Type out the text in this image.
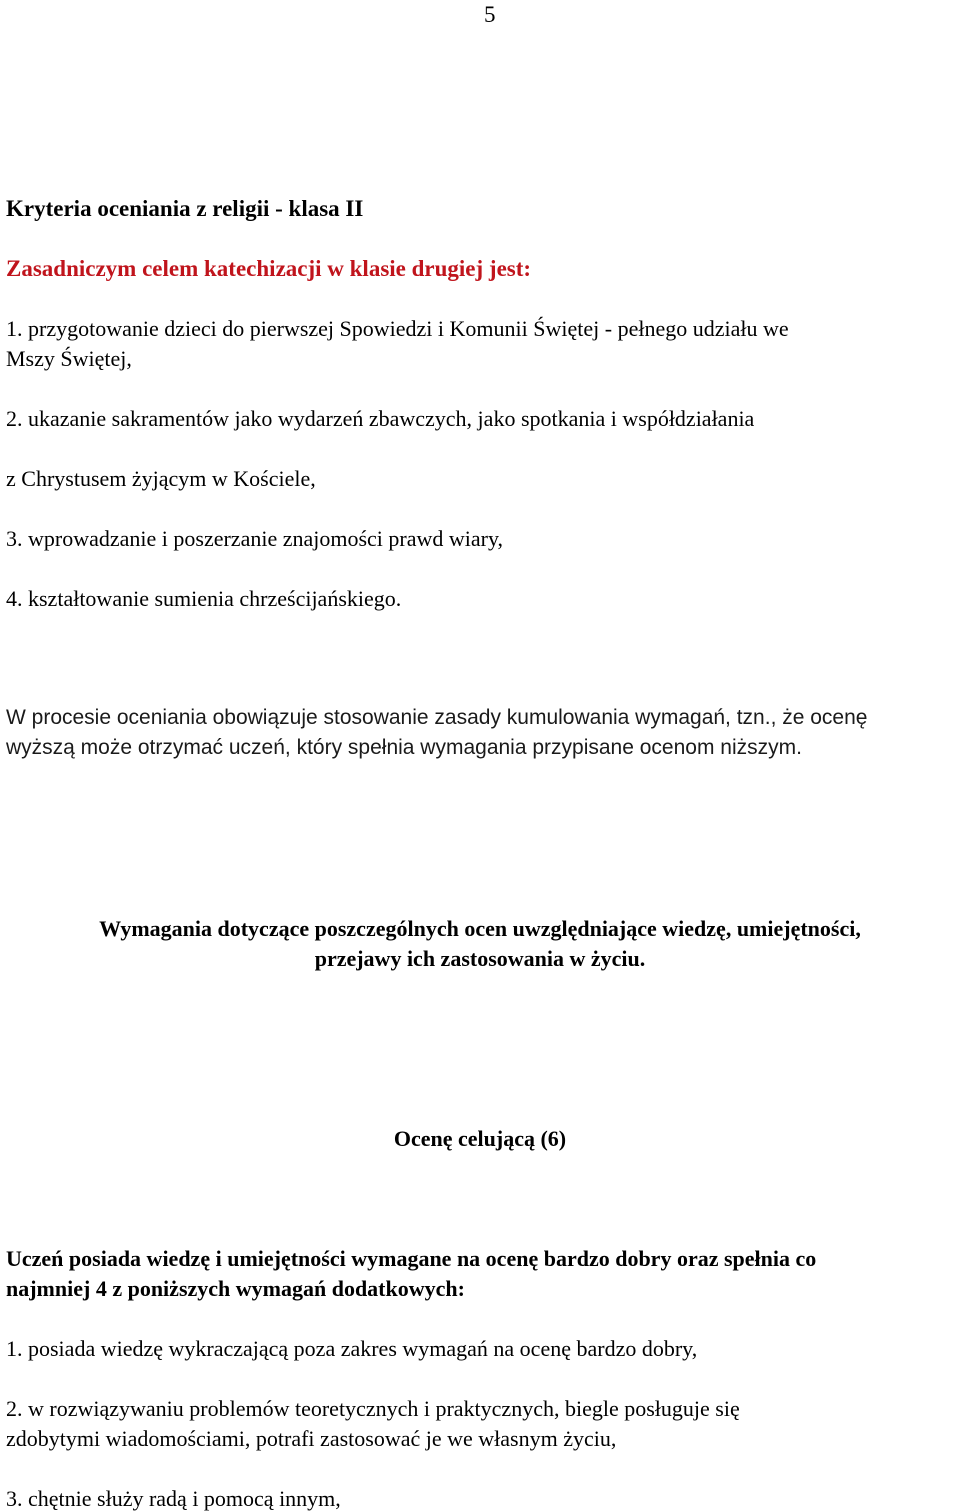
5
Kryteria oceniania z religii - klasa II
Zasadniczym celem katechizacji w klasie drugiej jest:
1. przygotowanie dzieci do pierwszej Spowiedzi i Komunii Świętej - pełnego udziału we
Mszy Świętej,
2. ukazanie sakramentów jako wydarzeń zbawczych, jako spotkania i współdziałania
z Chrystusem żyjącym w Kościele,
3. wprowadzanie i poszerzanie znajomości prawd wiary,
4. kształtowanie sumienia chrześcijańskiego.
W procesie oceniania obowiązuje stosowanie zasady kumulowania wymagań, tzn., że ocenę
wyższą może otrzymać uczeń, który spełnia wymagania przypisane ocenom niższym.
Wymagania dotyczące poszczególnych ocen uwzględniające wiedzę, umiejętności,
przejawy ich zastosowania w życiu.
Ocenę celującą (6)
Uczeń posiada wiedzę i umiejętności wymagane na ocenę bardzo dobry oraz spełnia co
najmniej 4 z poniższych wymagań dodatkowych:
1. posiada wiedzę wykraczającą poza zakres wymagań na ocenę bardzo dobry,
2. w rozwiązywaniu problemów teoretycznych i praktycznych, biegle posługuje się
zdobytymi wiadomościami, potrafi zastosować je we własnym życiu,
3. chętnie służy radą i pomocą innym,
